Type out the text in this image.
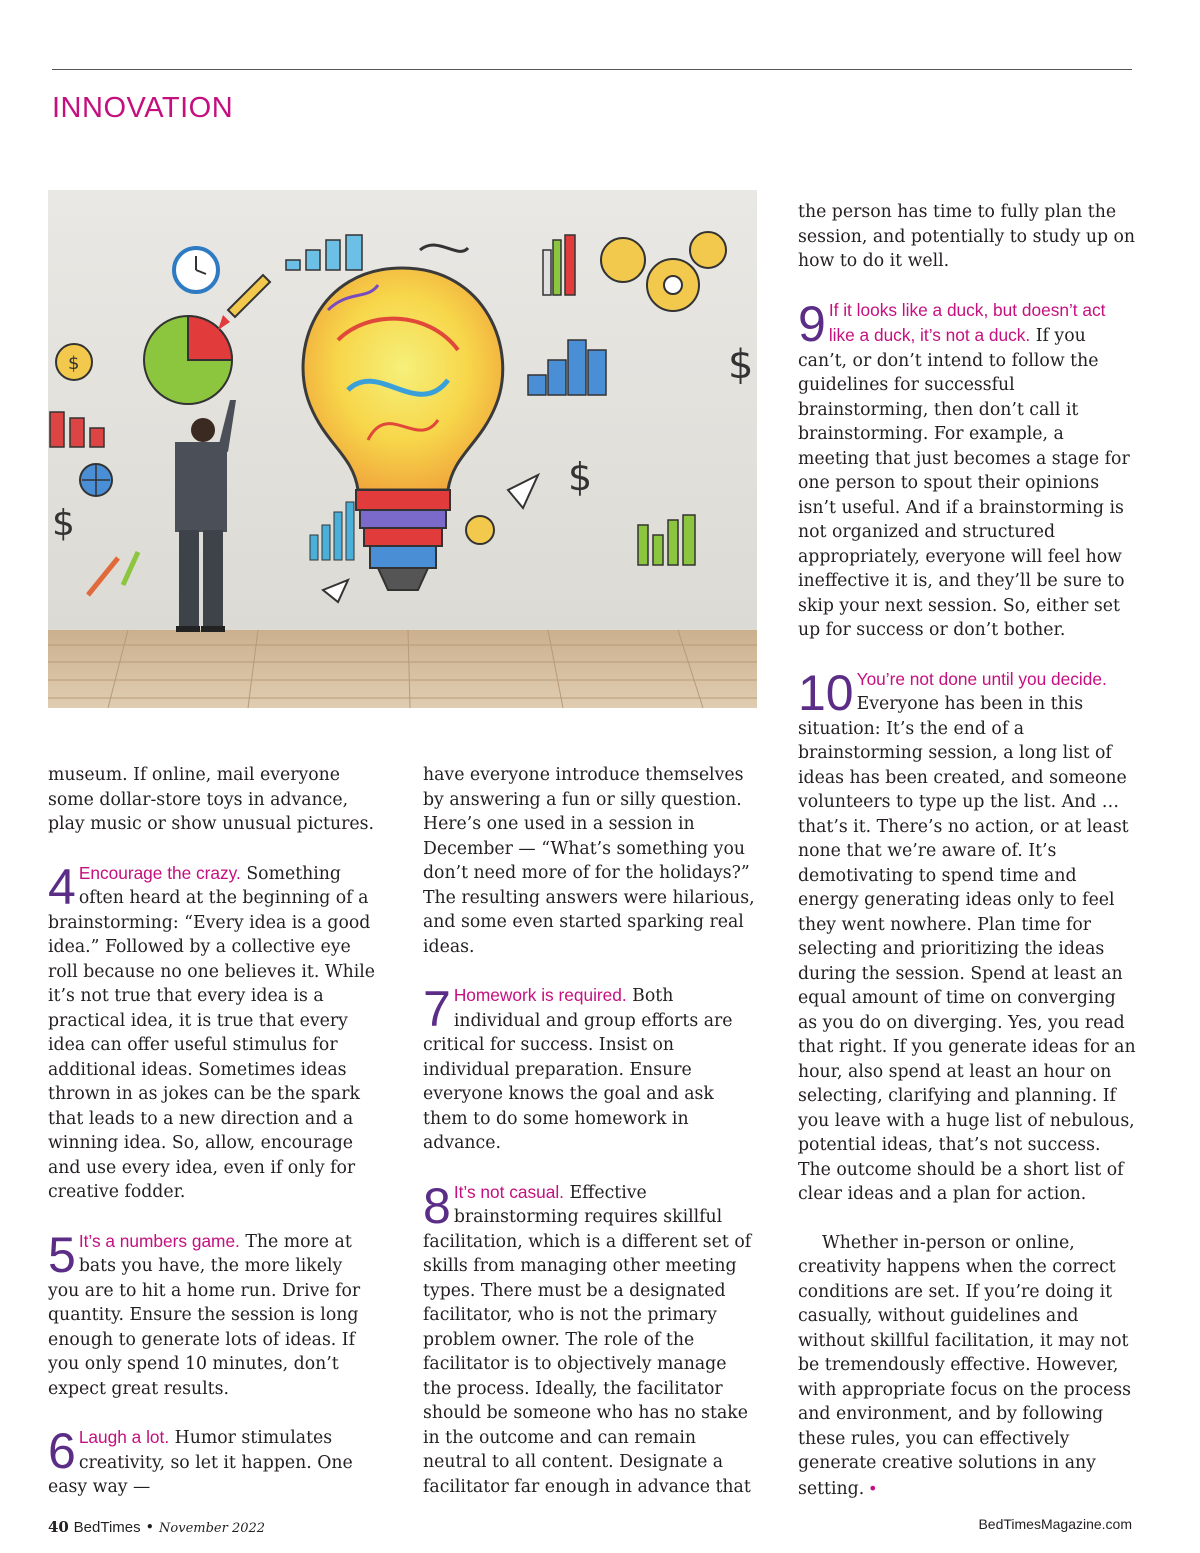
INNOVATION
$	$
$
$

museum. If online, mail everyone some dollar-store toys in advance, play music or show unusual pictures.

4 Encourage the crazy. Something often heard at the beginning of a brainstorming: “Every idea is a good idea.” Followed by a collective eye roll because no one believes it. While it’s not true that every idea is a practical idea, it is true that every idea can offer useful stimulus for additional ideas. Sometimes ideas thrown in as jokes can be the spark that leads to a new direction and a winning idea. So, allow, encourage and use every idea, even if only for creative fodder.

5 It’s a numbers game. The more at bats you have, the more likely you are to hit a home run. Drive for quantity. Ensure the session is long enough to generate lots of ideas. If you only spend 10 minutes, don’t expect great results.

6 Laugh a lot. Humor stimulates creativity, so let it happen. One easy way —

have everyone introduce themselves by answering a fun or silly question. Here’s one used in a session in December — “What’s something you don’t need more of for the holidays?” The resulting answers were hilarious, and some even started sparking real ideas.

7 Homework is required. Both individual and group efforts are critical for success. Insist on individual preparation. Ensure everyone knows the goal and ask them to do some homework in advance.

8 It’s not casual. Effective brainstorming requires skillful facilitation, which is a different set of skills from managing other meeting types. There must be a designated facilitator, who is not the primary problem owner. The role of the facilitator is to objectively manage the process. Ideally, the facilitator should be someone who has no stake in the outcome and can remain neutral to all content. Designate a facilitator far enough in advance that

the person has time to fully plan the session, and potentially to study up on how to do it well.

9 If it looks like a duck, but doesn’t act like a duck, it’s not a duck. If you can’t, or don’t intend to follow the guidelines for successful brainstorming, then don’t call it brainstorming. For example, a meeting that just becomes a stage for one person to spout their opinions isn’t useful. And if a brainstorming is not organized and structured appropriately, everyone will feel how ineffective it is, and they’ll be sure to skip your next session. So, either set up for success or don’t bother.

10 You’re not done until you decide. Everyone has been in this situation: It’s the end of a brainstorming session, a long list of ideas has been created, and someone volunteers to type up the list. And … that’s it. There’s no action, or at least none that we’re aware of. It’s demotivating to spend time and energy generating ideas only to feel they went nowhere. Plan time for selecting and prioritizing the ideas during the session. Spend at least an equal amount of time on converging as you do on diverging. Yes, you read that right. If you generate ideas for an hour, also spend at least an hour on selecting, clarifying and planning. If you leave with a huge list of nebulous, potential ideas, that’s not success. The outcome should be a short list of clear ideas and a plan for action.

Whether in-person or online, creativity happens when the correct conditions are set. If you’re doing it casually, without guidelines and without skillful facilitation, it may not be tremendously effective. However, with appropriate focus on the process and environment, and by following these rules, you can effectively generate creative solutions in any setting. •

40 BedTimes • November 2022	BedTimesMagazine.com
